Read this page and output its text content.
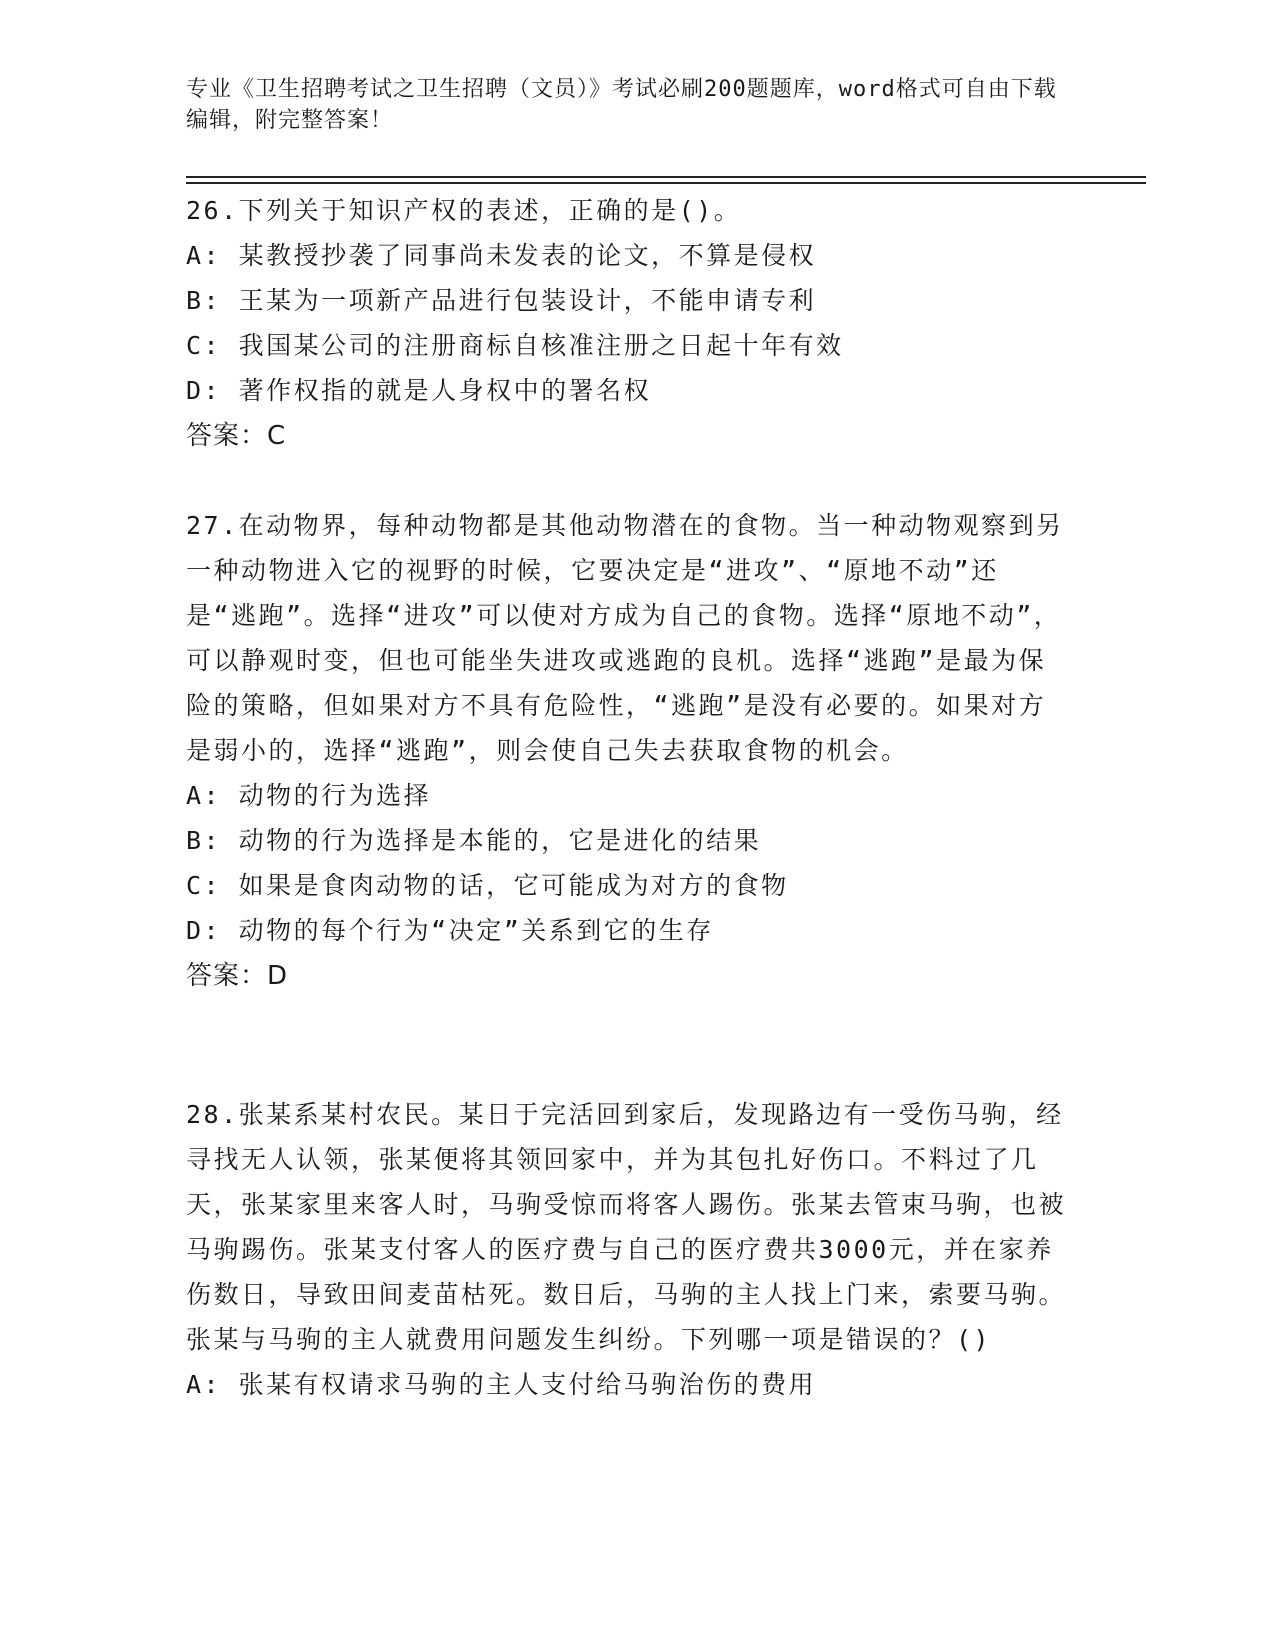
专业《卫生招聘考试之卫生招聘（文员）》考试必刷200题题库，word格式可自由下载编辑，附完整答案！

26.下列关于知识产权的表述，正确的是()。

A: 某教授抄袭了同事尚未发表的论文，不算是侵权

B: 王某为一项新产品进行包装设计，不能申请专利

C: 我国某公司的注册商标自核准注册之日起十年有效

D: 著作权指的就是人身权中的署名权

答案：C

27.在动物界，每种动物都是其他动物潜在的食物。当一种动物观察到另一种动物进入它的视野的时候，它要决定是“进攻”、“原地不动”还是“逃跑”。选择“进攻”可以使对方成为自己的食物。选择“原地不动”，可以静观时变，但也可能坐失进攻或逃跑的良机。选择“逃跑”是最为保险的策略，但如果对方不具有危险性，“逃跑”是没有必要的。如果对方是弱小的，选择“逃跑”，则会使自己失去获取食物的机会。

A: 动物的行为选择

B: 动物的行为选择是本能的，它是进化的结果

C: 如果是食肉动物的话，它可能成为对方的食物

D: 动物的每个行为“决定”关系到它的生存

答案：D

28.张某系某村农民。某日于完活回到家后，发现路边有一受伤马驹，经寻找无人认领，张某便将其领回家中，并为其包扎好伤口。不料过了几天，张某家里来客人时，马驹受惊而将客人踢伤。张某去管束马驹，也被马驹踢伤。张某支付客人的医疗费与自己的医疗费共3000元，并在家养伤数日，导致田间麦苗枯死。数日后，马驹的主人找上门来，索要马驹。张某与马驹的主人就费用问题发生纠纷。下列哪一项是错误的？()

A: 张某有权请求马驹的主人支付给马驹治伤的费用
